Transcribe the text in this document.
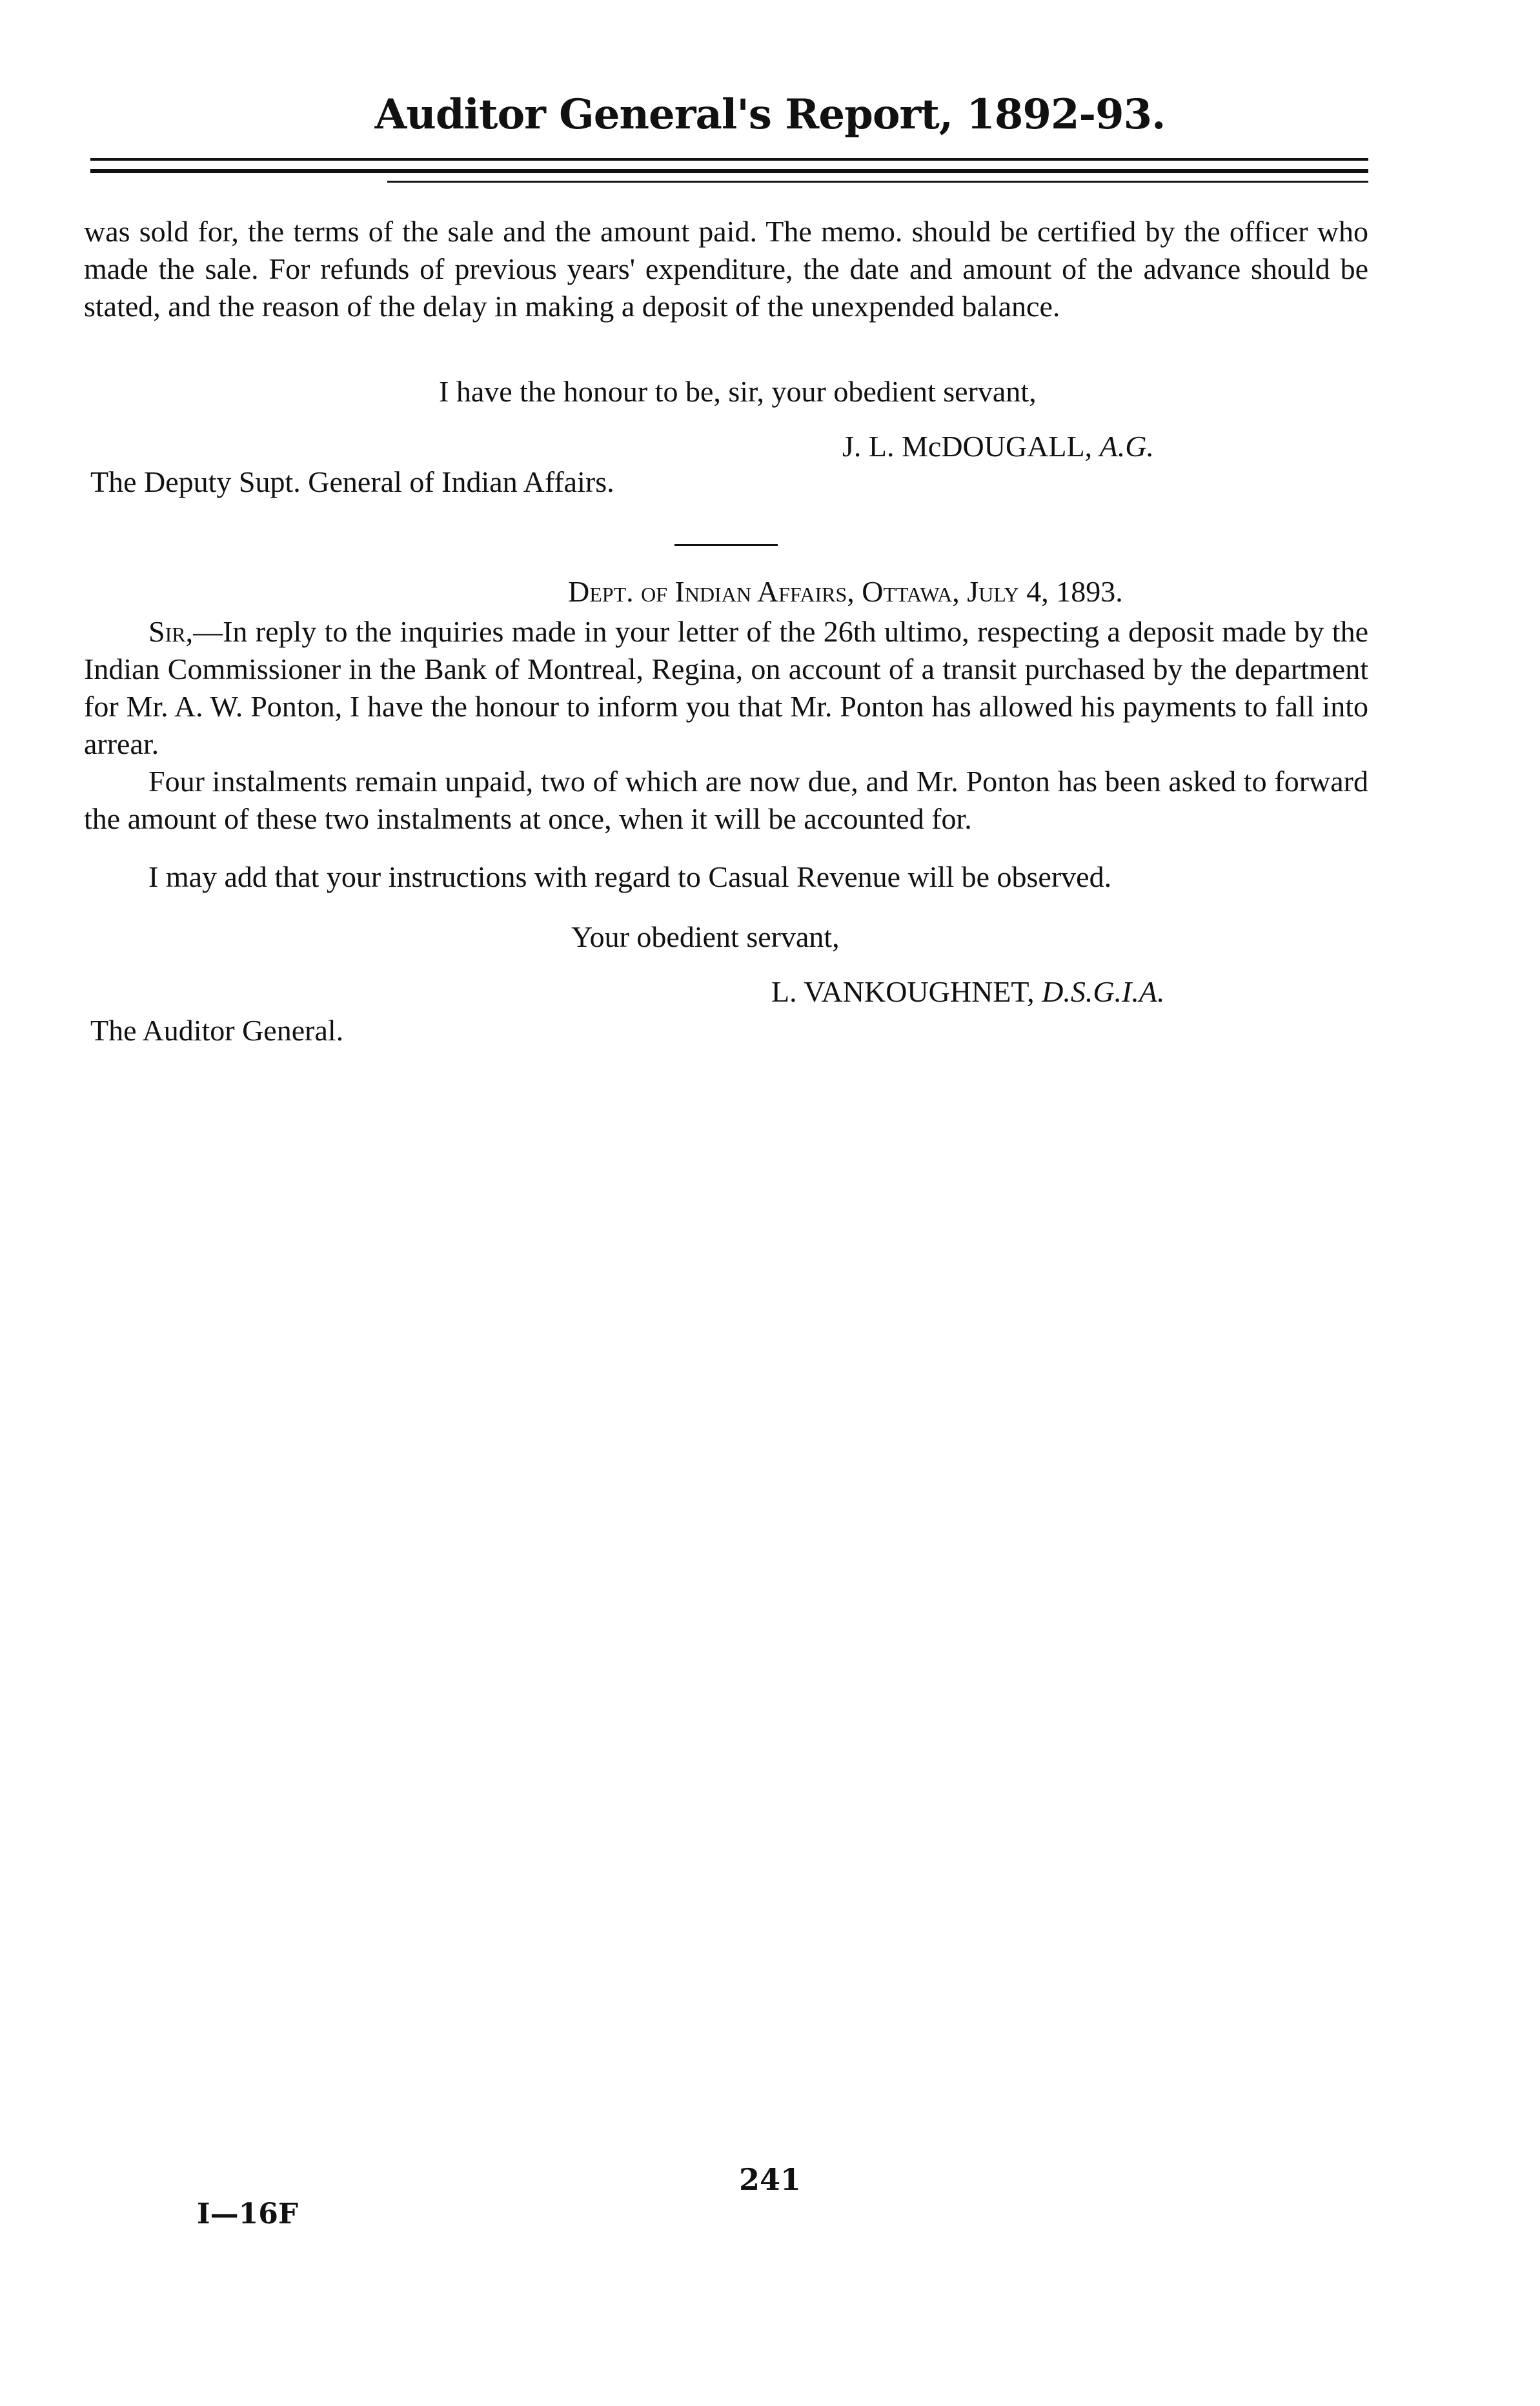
Auditor General's Report, 1892-93.
was sold for, the terms of the sale and the amount paid. The memo. should be certified by the officer who made the sale. For refunds of previous years' expenditure, the date and amount of the advance should be stated, and the reason of the delay in making a deposit of the unexpended balance.
I have the honour to be, sir, your obedient servant,
J. L. McDOUGALL, A.G.
The Deputy Supt. General of Indian Affairs.
Dept. of Indian Affairs, Ottawa, July 4, 1893.
Sir,—In reply to the inquiries made in your letter of the 26th ultimo, respecting a deposit made by the Indian Commissioner in the Bank of Montreal, Regina, on account of a transit purchased by the department for Mr. A. W. Ponton, I have the honour to inform you that Mr. Ponton has allowed his payments to fall into arrear.
Four instalments remain unpaid, two of which are now due, and Mr. Ponton has been asked to forward the amount of these two instalments at once, when it will be accounted for.
I may add that your instructions with regard to Casual Revenue will be observed.
Your obedient servant,
L. VANKOUGHNET, D.S.G.I.A.
The Auditor General.
241
I—16F
